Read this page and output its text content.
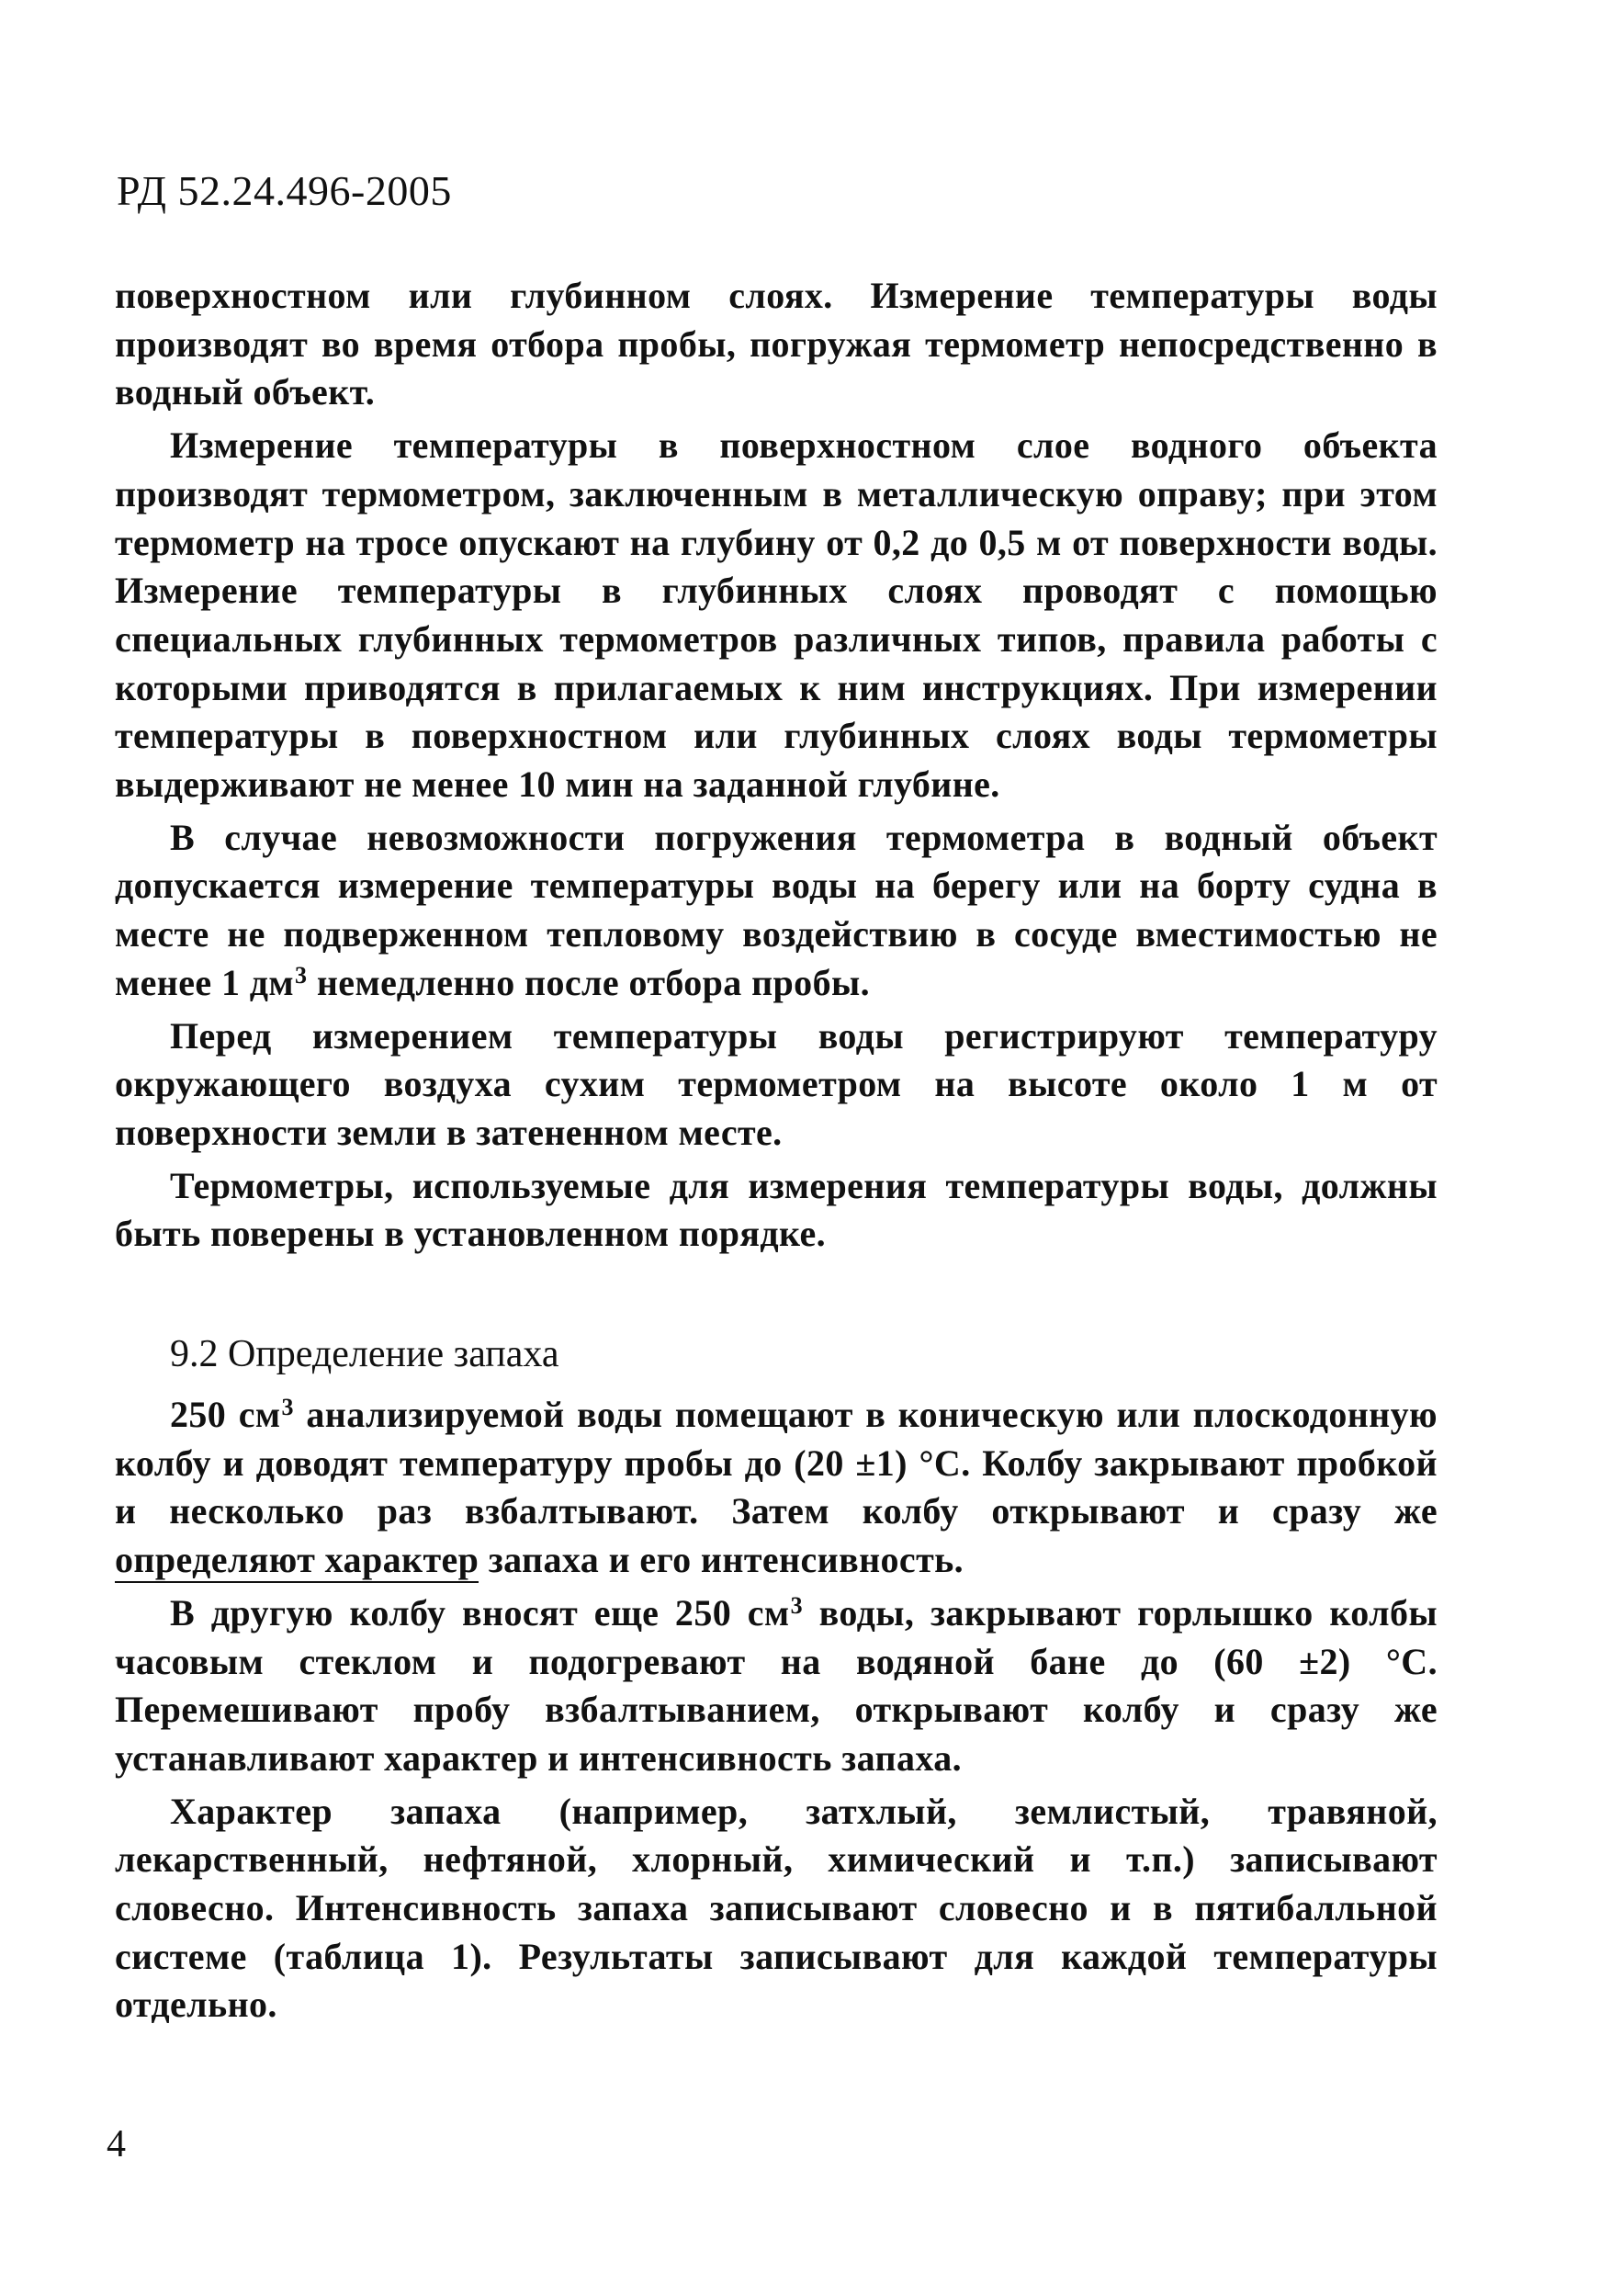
РД 52.24.496-2005

поверхностном или глубинном слоях. Измерение температуры воды производят во время отбора пробы, погружая термометр непосредственно в водный объект.

Измерение температуры в поверхностном слое водного объекта производят термометром, заключенным в металлическую оправу; при этом термометр на тросе опускают на глубину от 0,2 до 0,5 м от поверхности воды. Измерение температуры в глубинных слоях проводят с помощью специальных глубинных термометров различных типов, правила работы с которыми приводятся в прилагаемых к ним инструкциях. При измерении температуры в поверхностном или глубинных слоях воды термометры выдерживают не менее 10 мин на заданной глубине.

В случае невозможности погружения термометра в водный объект допускается измерение температуры воды на берегу или на борту судна в месте не подверженном тепловому воздействию в сосуде вместимостью не менее 1 $дм^3$ немедленно после отбора пробы.

Перед измерением температуры воды регистрируют температуру окружающего воздуха сухим термометром на высоте около 1 м от поверхности земли в затененном месте.

Термометры, используемые для измерения температуры воды, должны быть поверены в установленном порядке.

9.2 Определение запаха

250 $см^3$ анализируемой воды помещают в коническую или плоскодонную колбу и доводят температуру пробы до (20 ±1) °С. Колбу закрывают пробкой и несколько раз взбалтывают. Затем колбу открывают и сразу же определяют характер запаха и его интенсивность.

В другую колбу вносят еще 250 $см^3$ воды, закрывают горлышко колбы часовым стеклом и подогревают на водяной бане до (60 ±2) °С. Перемешивают пробу взбалтыванием, открывают колбу и сразу же устанавливают характер и интенсивность запаха.

Характер запаха (например, затхлый, землистый, травяной, лекарственный, нефтяной, хлорный, химический и т.п.) записывают словесно. Интенсивность запаха записывают словесно и в пятибалльной системе (таблица 1). Результаты записывают для каждой температуры отдельно.

4
